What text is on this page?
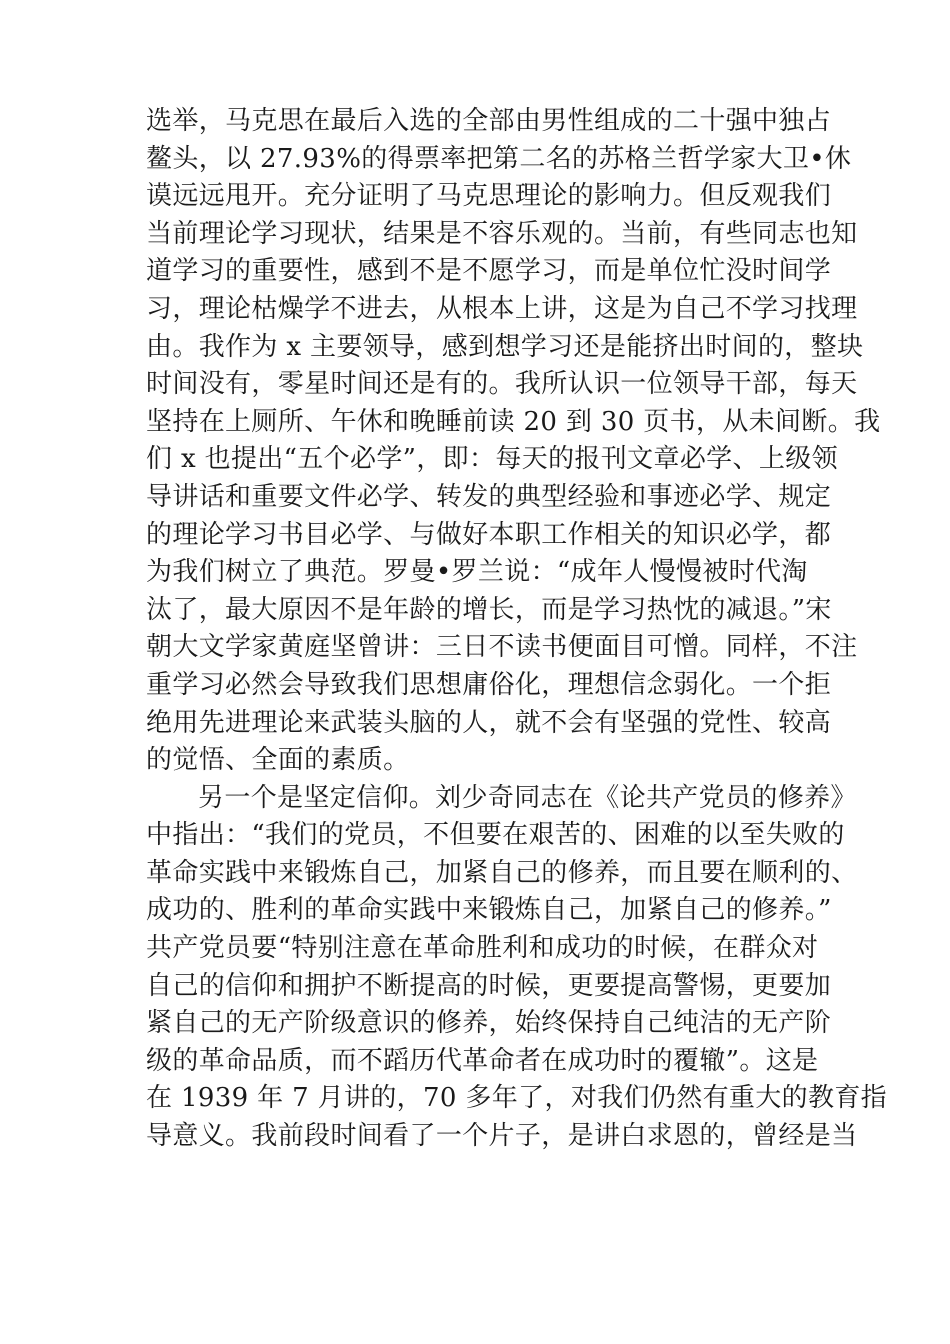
选举，马克思在最后入选的全部由男性组成的二十强中独占
鳌头，以 27.93%的得票率把第二名的苏格兰哲学家大卫•休
谟远远甩开。充分证明了马克思理论的影响力。但反观我们
当前理论学习现状，结果是不容乐观的。当前，有些同志也知
道学习的重要性，感到不是不愿学习，而是单位忙没时间学
习，理论枯燥学不进去，从根本上讲，这是为自己不学习找理
由。我作为 x 主要领导，感到想学习还是能挤出时间的，整块
时间没有，零星时间还是有的。我所认识一位领导干部，每天
坚持在上厕所、午休和晚睡前读 20 到 30 页书，从未间断。我
们 x 也提出“五个必学”，即：每天的报刊文章必学、上级领
导讲话和重要文件必学、转发的典型经验和事迹必学、规定
的理论学习书目必学、与做好本职工作相关的知识必学，都
为我们树立了典范。罗曼•罗兰说：“成年人慢慢被时代淘
汰了，最大原因不是年龄的增长，而是学习热忱的减退。”宋
朝大文学家黄庭坚曾讲：三日不读书便面目可憎。同样，不注
重学习必然会导致我们思想庸俗化，理想信念弱化。一个拒
绝用先进理论来武装头脑的人，就不会有坚强的党性、较高
的觉悟、全面的素质。
另一个是坚定信仰。刘少奇同志在《论共产党员的修养》
中指出：“我们的党员，不但要在艰苦的、困难的以至失败的
革命实践中来锻炼自己，加紧自己的修养，而且要在顺利的、
成功的、胜利的革命实践中来锻炼自己，加紧自己的修养。”
共产党员要“特别注意在革命胜利和成功的时候，在群众对
自己的信仰和拥护不断提高的时候，更要提高警惕，更要加
紧自己的无产阶级意识的修养，始终保持自己纯洁的无产阶
级的革命品质，而不蹈历代革命者在成功时的覆辙”。这是
在 1939 年 7 月讲的，70 多年了，对我们仍然有重大的教育指
导意义。我前段时间看了一个片子，是讲白求恩的，曾经是当
